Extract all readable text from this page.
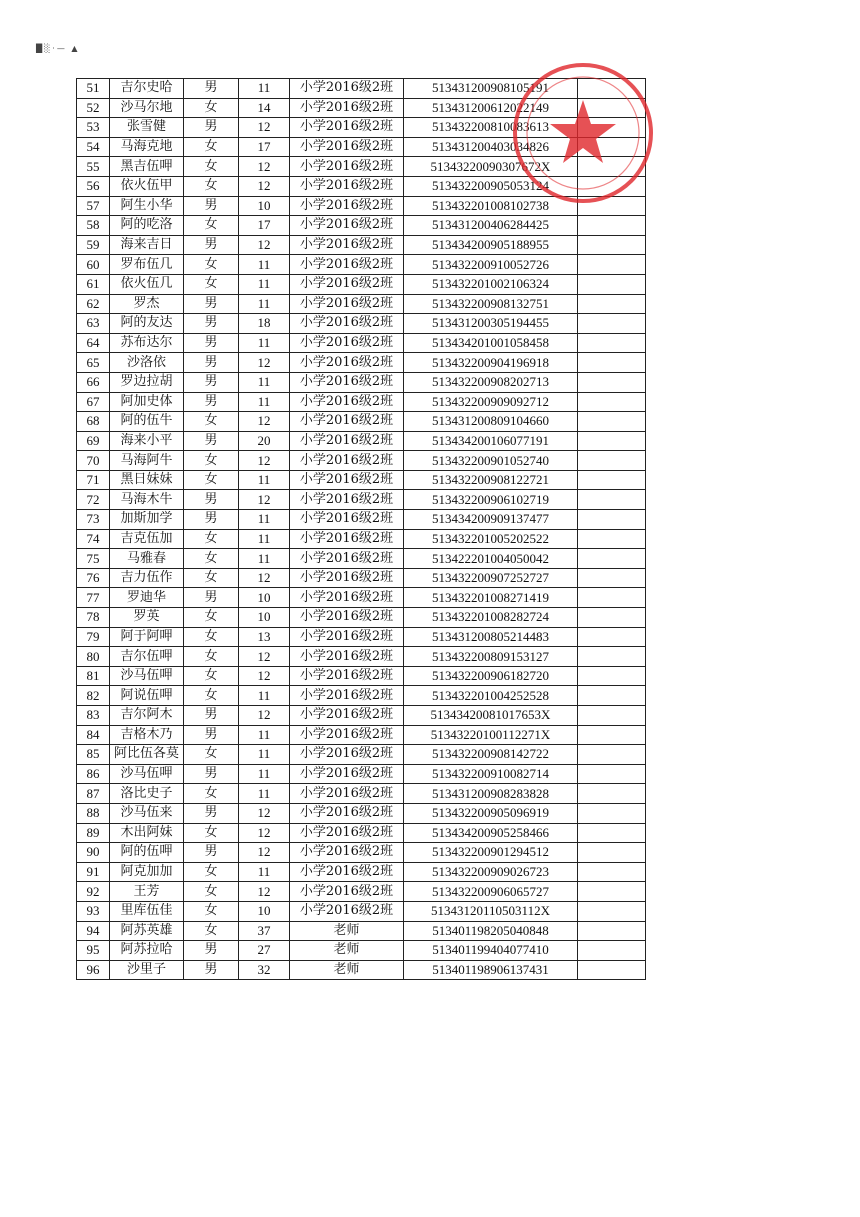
█░·— ▲
51	吉尔史哈	男	11	小学2016级2班	513431200908105191	
52	沙马尔地	女	14	小学2016级2班	513431200612022149	
53	张雪健	男	12	小学2016级2班	513432200810083613	
54	马海克地	女	17	小学2016级2班	513431200403034826	
55	黑吉伍呷	女	12	小学2016级2班	51343220090307672X	
56	依火伍甲	女	12	小学2016级2班	513432200905053124	
57	阿生小华	男	10	小学2016级2班	513432201008102738	
58	阿的吃洛	女	17	小学2016级2班	513431200406284425	
59	海来吉日	男	12	小学2016级2班	513434200905188955	
60	罗布伍几	女	11	小学2016级2班	513432200910052726	
61	依火伍几	女	11	小学2016级2班	513432201002106324	
62	罗杰	男	11	小学2016级2班	513432200908132751	
63	阿的友达	男	18	小学2016级2班	513431200305194455	
64	苏布达尔	男	11	小学2016级2班	513434201001058458	
65	沙洛依	男	12	小学2016级2班	513432200904196918	
66	罗边拉胡	男	11	小学2016级2班	513432200908202713	
67	阿加史体	男	11	小学2016级2班	513432200909092712	
68	阿的伍牛	女	12	小学2016级2班	513431200809104660	
69	海来小平	男	20	小学2016级2班	513434200106077191	
70	马海阿牛	女	12	小学2016级2班	513432200901052740	
71	黑日妹妹	女	11	小学2016级2班	513432200908122721	
72	马海木牛	男	12	小学2016级2班	513432200906102719	
73	加斯加学	男	11	小学2016级2班	513434200909137477	
74	吉克伍加	女	11	小学2016级2班	513432201005202522	
75	马雅春	女	11	小学2016级2班	513422201004050042	
76	吉力伍作	女	12	小学2016级2班	513432200907252727	
77	罗迪华	男	10	小学2016级2班	513432201008271419	
78	罗英	女	10	小学2016级2班	513432201008282724	
79	阿于阿呷	女	13	小学2016级2班	513431200805214483	
80	吉尔伍呷	女	12	小学2016级2班	513432200809153127	
81	沙马伍呷	女	12	小学2016级2班	513432200906182720	
82	阿说伍呷	女	11	小学2016级2班	513432201004252528	
83	吉尔阿木	男	12	小学2016级2班	51343420081017653X	
84	吉格木乃	男	11	小学2016级2班	51343220100112271X	
85	阿比伍各莫	女	11	小学2016级2班	513432200908142722	
86	沙马伍呷	男	11	小学2016级2班	513432200910082714	
87	洛比史子	女	11	小学2016级2班	513431200908283828	
88	沙马伍来	男	12	小学2016级2班	513432200905096919	
89	木出阿妹	女	12	小学2016级2班	513434200905258466	
90	阿的伍呷	男	12	小学2016级2班	513432200901294512	
91	阿克加加	女	11	小学2016级2班	513432200909026723	
92	王芳	女	12	小学2016级2班	513432200906065727	
93	里库伍佳	女	10	小学2016级2班	51343120110503112X	
94	阿苏英雄	女	37	老师	513401198205040848	
95	阿苏拉哈	男	27	老师	513401199404077410	
96	沙里子	男	32	老师	513401198906137431	
